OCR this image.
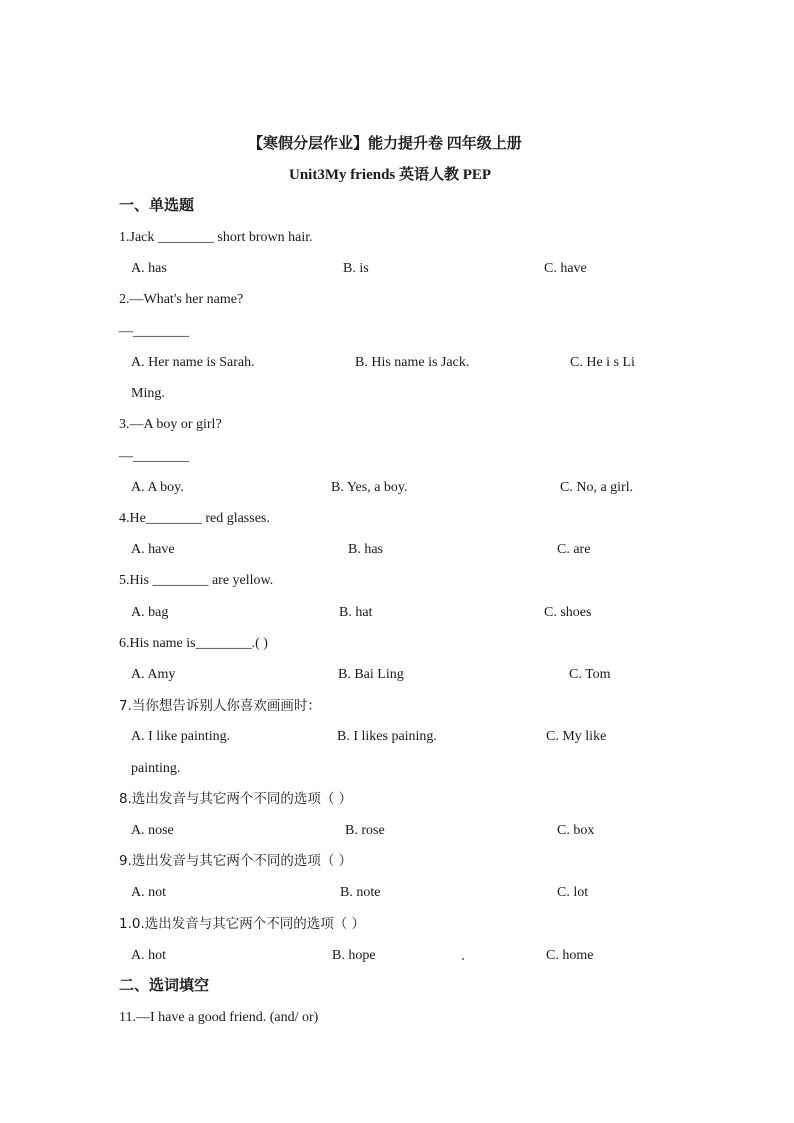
【寒假分层作业】能力提升卷 四年级上册
Unit3My friends 英语人教 PEP
一、单选题
1.Jack ________ short brown hair.
A. has	B. is	C. have
2.—What's her name?
—________
A. Her name is Sarah.	B. His name is Jack.	C. He i s Li
Ming.
3.—A boy or girl?
—________
A. A boy.	B. Yes, a boy.	C. No, a girl.
4.He________ red glasses.
A. have	B. has	C. are
5.His ________ are yellow.
A. bag	B. hat	C. shoes
6.His name is________.( )
A. Amy	B. Bai Ling	C. Tom
7.当你想告诉别人你喜欢画画时：
A. I like painting.	B. I likes paining.	C. My like
painting.
8.选出发音与其它两个不同的选项（ ）
A. nose	B. rose	C. box
9.选出发音与其它两个不同的选项（ ）
A. not	B. note	C. lot
1.0.选出发音与其它两个不同的选项（ ）
A. hot	B. hope	C. home
二、选词填空
11.—I have a good friend. (and/ or)
